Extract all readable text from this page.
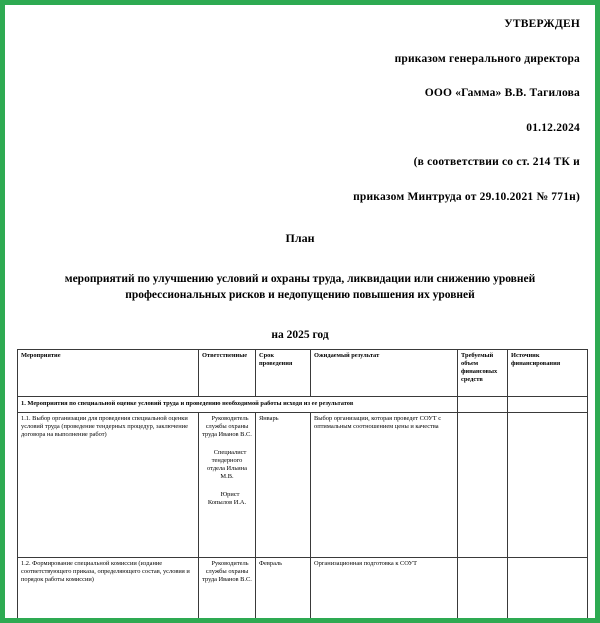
УТВЕРЖДЕН
приказом генерального директора
ООО «Гамма» В.В. Тагилова
01.12.2024
(в соответствии со ст. 214 ТК и
приказом Минтруда от 29.10.2021 № 771н)
План
мероприятий по улучшению условий и охраны труда, ликвидации или снижению уровней профессиональных рисков и недопущению повышения их уровней
на 2025 год
Мероприятие	Ответственные	Срок проведения	Ожидаемый результат	Требуемый объем финансовых средств	Источник финансирования
1. Мероприятия по специальной оценке условий труда и проведению необходимой работы исходя из ее результатов					
1.1. Выбор организации для проведения специальной оценки условий труда (проведение тендерных процедур, заключение договора на выполнение работ)	Руководитель службы охраны труда Иванов В.С.

Специалист тендерного отдела Ильина М.В.

Юрист Копылов И.А.	Январь	Выбор организации, которая проведет СОУТ с оптимальным соотношением цены и качества		
1.2. Формирование специальной комиссии (издание соответствующего приказа, определяющего состав, условия и порядок работы комиссии)	Руководитель службы охраны труда Иванов В.С.	Февраль	Организационная подготовка к СОУТ		
